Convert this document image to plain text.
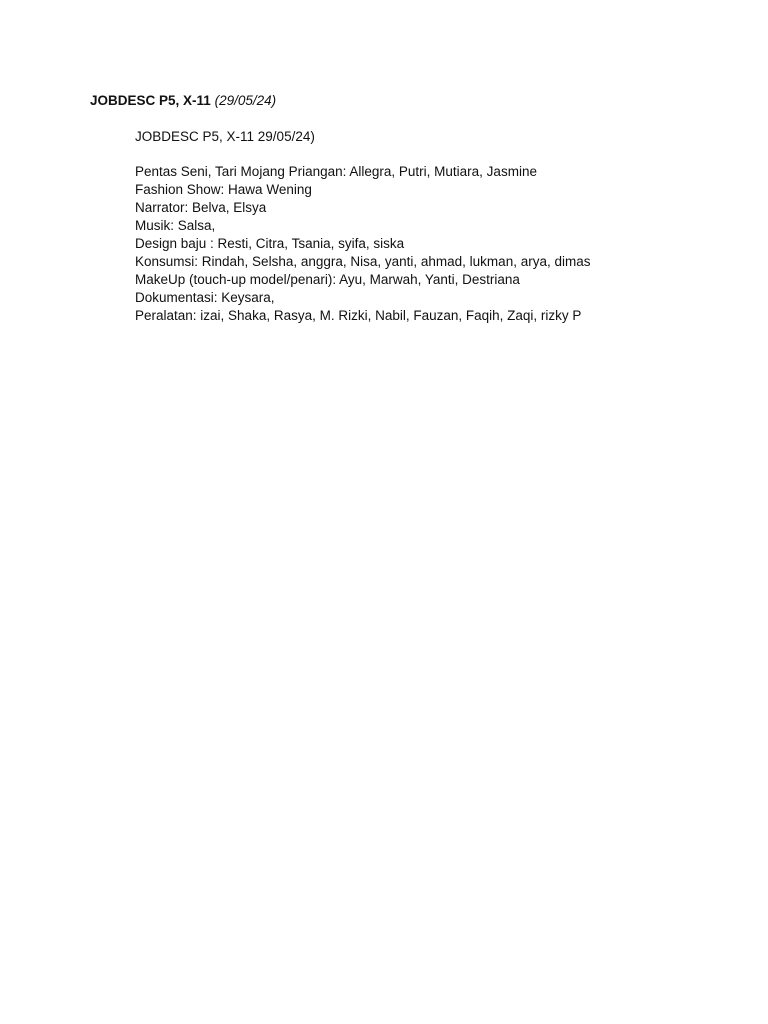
JOBDESC P5, X-11 (29/05/24)
JOBDESC P5, X-11 29/05/24)
Pentas Seni, Tari Mojang Priangan: Allegra, Putri, Mutiara, Jasmine
Fashion Show: Hawa Wening
Narrator: Belva, Elsya
Musik: Salsa,
Design baju : Resti, Citra, Tsania, syifa, siska
Konsumsi: Rindah, Selsha, anggra, Nisa, yanti, ahmad, lukman, arya, dimas
MakeUp (touch-up model/penari): Ayu, Marwah, Yanti, Destriana
Dokumentasi: Keysara,
Peralatan: izai, Shaka, Rasya, M. Rizki, Nabil, Fauzan, Faqih, Zaqi, rizky P
